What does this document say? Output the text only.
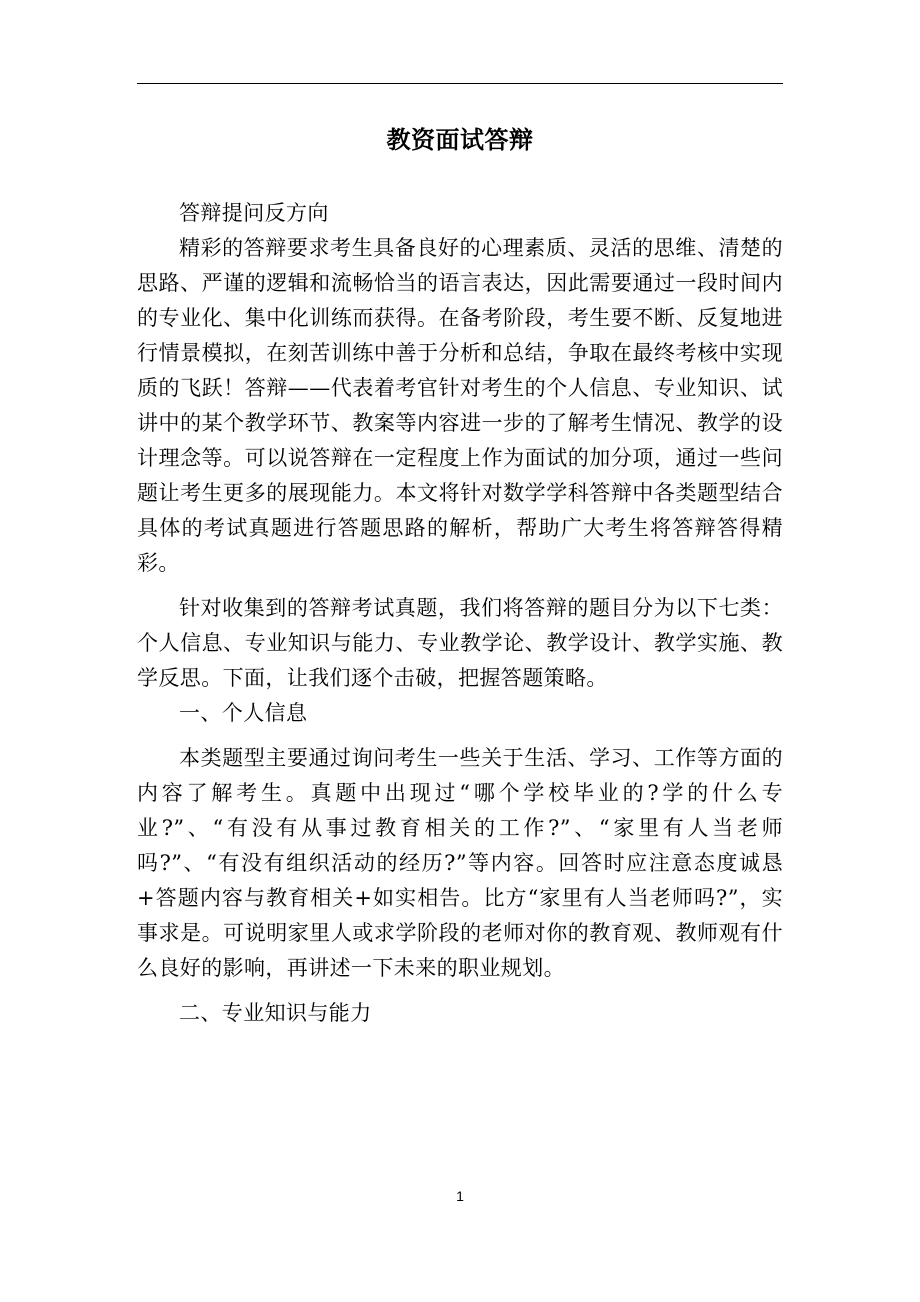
教资面试答辩

答辩提问反方向

精彩的答辩要求考生具备良好的心理素质、灵活的思维、清楚的思路、严谨的逻辑和流畅恰当的语言表达，因此需要通过一段时间内的专业化、集中化训练而获得。在备考阶段，考生要不断、反复地进行情景模拟，在刻苦训练中善于分析和总结，争取在最终考核中实现质的飞跃！答辩——代表着考官针对考生的个人信息、专业知识、试讲中的某个教学环节、教案等内容进一步的了解考生情况、教学的设计理念等。可以说答辩在一定程度上作为面试的加分项，通过一些问题让考生更多的展现能力。本文将针对数学学科答辩中各类题型结合具体的考试真题进行答题思路的解析，帮助广大考生将答辩答得精彩。

针对收集到的答辩考试真题，我们将答辩的题目分为以下七类：个人信息、专业知识与能力、专业教学论、教学设计、教学实施、教学反思。下面，让我们逐个击破，把握答题策略。

一、个人信息

本类题型主要通过询问考生一些关于生活、学习、工作等方面的内容了解考生。真题中出现过“哪个学校毕业的?学的什么专业?”、“有没有从事过教育相关的工作?”、“家里有人当老师吗?”、“有没有组织活动的经历?”等内容。回答时应注意态度诚恳+答题内容与教育相关+如实相告。比方“家里有人当老师吗?”，实事求是。可说明家里人或求学阶段的老师对你的教育观、教师观有什么良好的影响，再讲述一下未来的职业规划。

二、专业知识与能力

1
